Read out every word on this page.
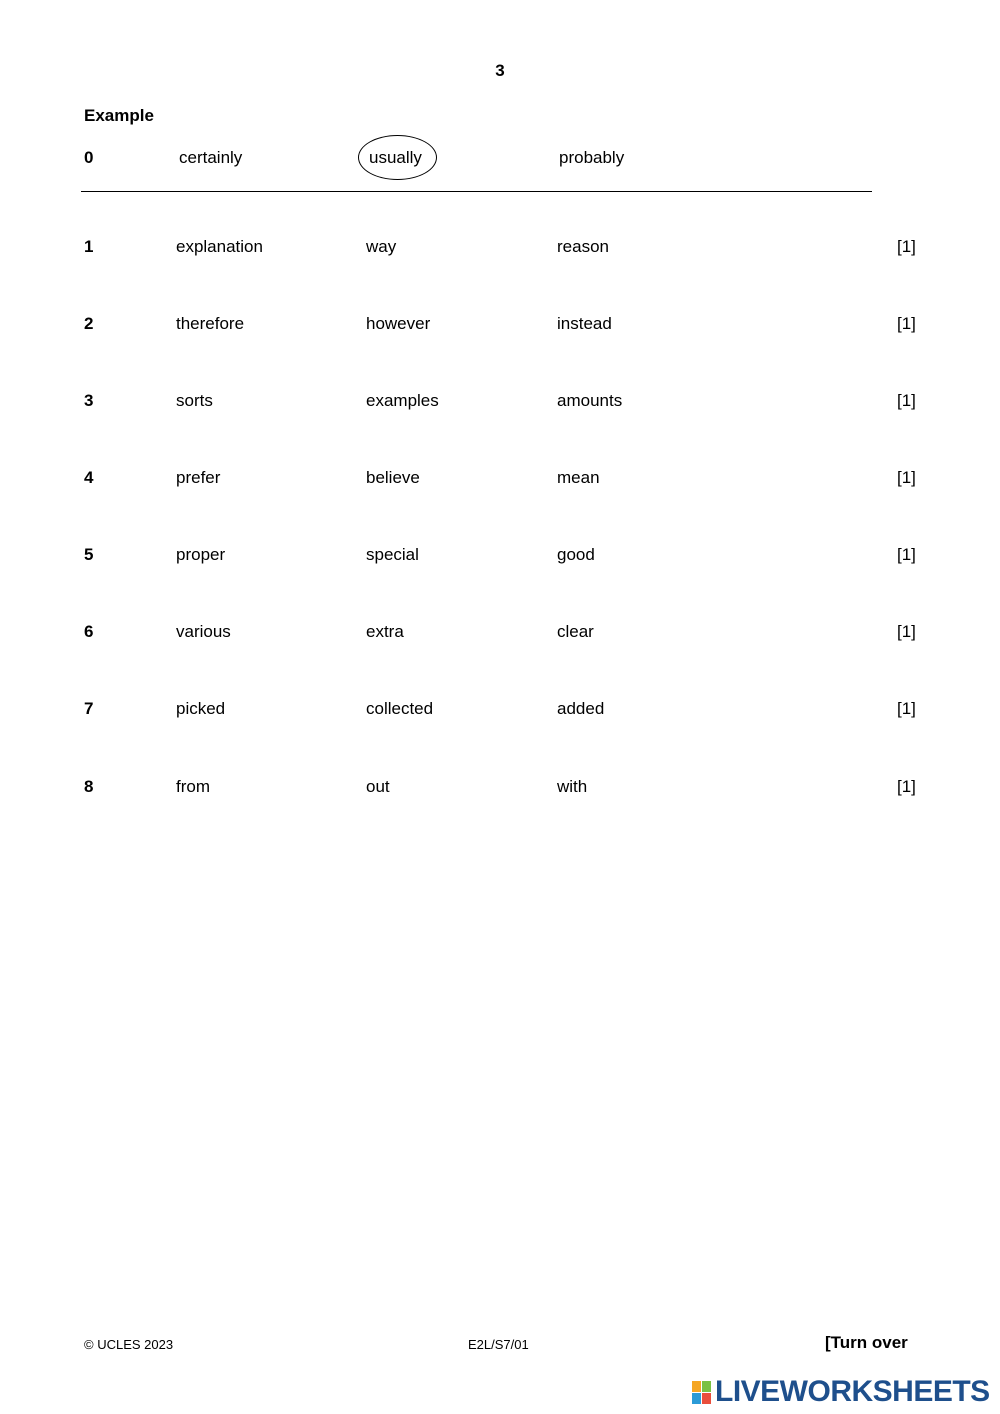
3
Example
0	certainly	usually	probably
1	explanation	way	reason	[1]
2	therefore	however	instead	[1]
3	sorts	examples	amounts	[1]
4	prefer	believe	mean	[1]
5	proper	special	good	[1]
6	various	extra	clear	[1]
7	picked	collected	added	[1]
8	from	out	with	[1]
© UCLES 2023	E2L/S7/01	[Turn over
LIVEWORKSHEETS
